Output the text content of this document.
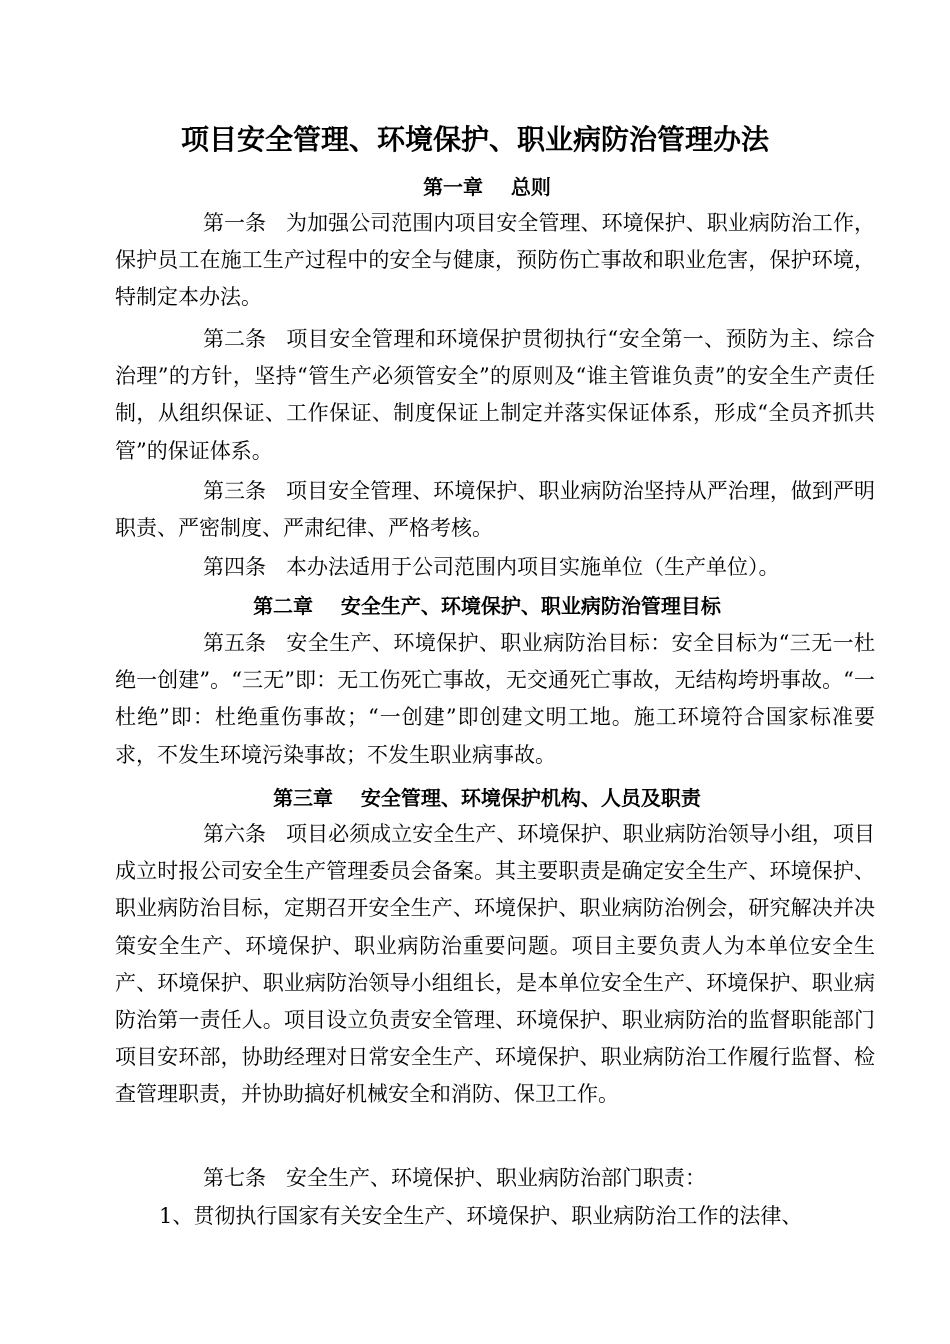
项目安全管理、环境保护、职业病防治管理办法
第一章    总则
第一条 为加强公司范围内项目安全管理、环境保护、职业病防治工作，保护员工在施工生产过程中的安全与健康，预防伤亡事故和职业危害，保护环境，特制定本办法。
第二条 项目安全管理和环境保护贯彻执行“安全第一、预防为主、综合治理”的方针，坚持“管生产必须管安全”的原则及“谁主管谁负责”的安全生产责任制，从组织保证、工作保证、制度保证上制定并落实保证体系，形成“全员齐抓共管”的保证体系。
第三条 项目安全管理、环境保护、职业病防治坚持从严治理，做到严明职责、严密制度、严肃纪律、严格考核。
第四条 本办法适用于公司范围内项目实施单位（生产单位）。
第二章    安全生产、环境保护、职业病防治管理目标
第五条 安全生产、环境保护、职业病防治目标：安全目标为“三无一杜绝一创建”。“三无”即：无工伤死亡事故，无交通死亡事故，无结构垮坍事故。“一杜绝”即：杜绝重伤事故；“一创建”即创建文明工地。施工环境符合国家标准要求，不发生环境污染事故；不发生职业病事故。
第三章    安全管理、环境保护机构、人员及职责
第六条 项目必须成立安全生产、环境保护、职业病防治领导小组，项目成立时报公司安全生产管理委员会备案。其主要职责是确定安全生产、环境保护、职业病防治目标，定期召开安全生产、环境保护、职业病防治例会，研究解决并决策安全生产、环境保护、职业病防治重要问题。项目主要负责人为本单位安全生产、环境保护、职业病防治领导小组组长，是本单位安全生产、环境保护、职业病防治第一责任人。项目设立负责安全管理、环境保护、职业病防治的监督职能部门项目安环部，协助经理对日常安全生产、环境保护、职业病防治工作履行监督、检查管理职责，并协助搞好机械安全和消防、保卫工作。
第七条 安全生产、环境保护、职业病防治部门职责：
1、贯彻执行国家有关安全生产、环境保护、职业病防治工作的法律、
